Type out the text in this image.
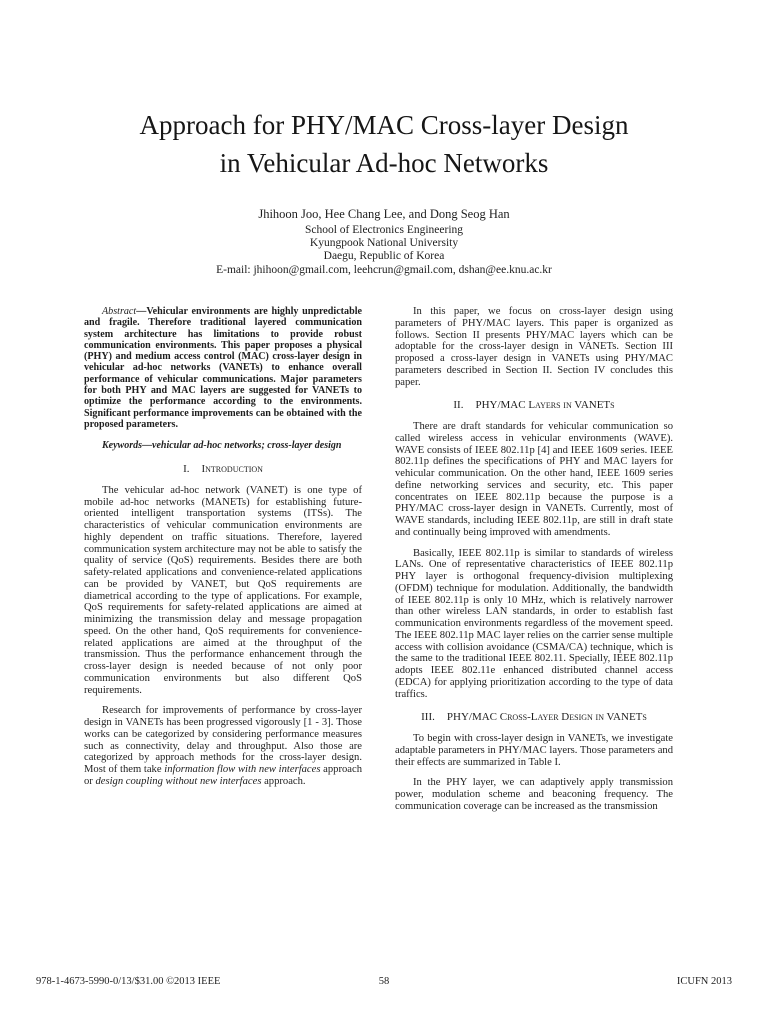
Approach for PHY/MAC Cross-layer Design
in Vehicular Ad-hoc Networks
Jhihoon Joo, Hee Chang Lee, and Dong Seog Han
School of Electronics Engineering
Kyungpook National University
Daegu, Republic of Korea
E-mail: jhihoon@gmail.com, leehcrun@gmail.com, dshan@ee.knu.ac.kr

Abstract—Vehicular environments are highly unpredictable and fragile. Therefore traditional layered communication system architecture has limitations to provide robust communication environments. This paper proposes a physical (PHY) and medium access control (MAC) cross-layer design in vehicular ad-hoc networks (VANETs) to enhance overall performance of vehicular communications. Major parameters for both PHY and MAC layers are suggested for VANETs to optimize the performance according to the environments. Significant performance improvements can be obtained with the proposed parameters.

Keywords—vehicular ad-hoc networks; cross-layer design

I. Introduction

The vehicular ad-hoc network (VANET) is one type of mobile ad-hoc networks (MANETs) for establishing future-oriented intelligent transportation systems (ITSs). The characteristics of vehicular communication environments are highly dependent on traffic situations. Therefore, layered communication system architecture may not be able to satisfy the quality of service (QoS) requirements. Besides there are both safety-related applications and convenience-related applications can be provided by VANET, but QoS requirements are diametrical according to the type of applications. For example, QoS requirements for safety-related applications are aimed at minimizing the transmission delay and message propagation speed. On the other hand, QoS requirements for convenience-related applications are aimed at the throughput of the transmission. Thus the performance enhancement through the cross-layer design is needed because of not only poor communication environments but also different QoS requirements.

Research for improvements of performance by cross-layer design in VANETs has been progressed vigorously [1 - 3]. Those works can be categorized by considering performance measures such as connectivity, delay and throughput. Also those are categorized by approach methods for the cross-layer design. Most of them take information flow with new interfaces approach or design coupling without new interfaces approach.

In this paper, we focus on cross-layer design using parameters of PHY/MAC layers. This paper is organized as follows. Section II presents PHY/MAC layers which can be adoptable for the cross-layer design in VANETs. Section III proposed a cross-layer design in VANETs using PHY/MAC parameters described in Section II. Section IV concludes this paper.

II. PHY/MAC Layers in VANETs

There are draft standards for vehicular communication so called wireless access in vehicular environments (WAVE). WAVE consists of IEEE 802.11p [4] and IEEE 1609 series. IEEE 802.11p defines the specifications of PHY and MAC layers for vehicular communication. On the other hand, IEEE 1609 series define networking services and security, etc. This paper concentrates on IEEE 802.11p because the purpose is a PHY/MAC cross-layer design in VANETs. Currently, most of WAVE standards, including IEEE 802.11p, are still in draft state and continually being improved with amendments.

Basically, IEEE 802.11p is similar to standards of wireless LANs. One of representative characteristics of IEEE 802.11p PHY layer is orthogonal frequency-division multiplexing (OFDM) technique for modulation. Additionally, the bandwidth of IEEE 802.11p is only 10 MHz, which is relatively narrower than other wireless LAN standards, in order to establish fast communication environments regardless of the movement speed. The IEEE 802.11p MAC layer relies on the carrier sense multiple access with collision avoidance (CSMA/CA) technique, which is the same to the traditional IEEE 802.11. Specially, IEEE 802.11p adopts IEEE 802.11e enhanced distributed channel access (EDCA) for applying prioritization according to the type of data traffics.

III. PHY/MAC Cross-Layer Design in VANETs

To begin with cross-layer design in VANETs, we investigate adaptable parameters in PHY/MAC layers. Those parameters and their effects are summarized in Table I.

In the PHY layer, we can adaptively apply transmission power, modulation scheme and beaconing frequency. The communication coverage can be increased as the transmission

978-1-4673-5990-0/13/$31.00 ©2013 IEEE	58	ICUFN 2013
